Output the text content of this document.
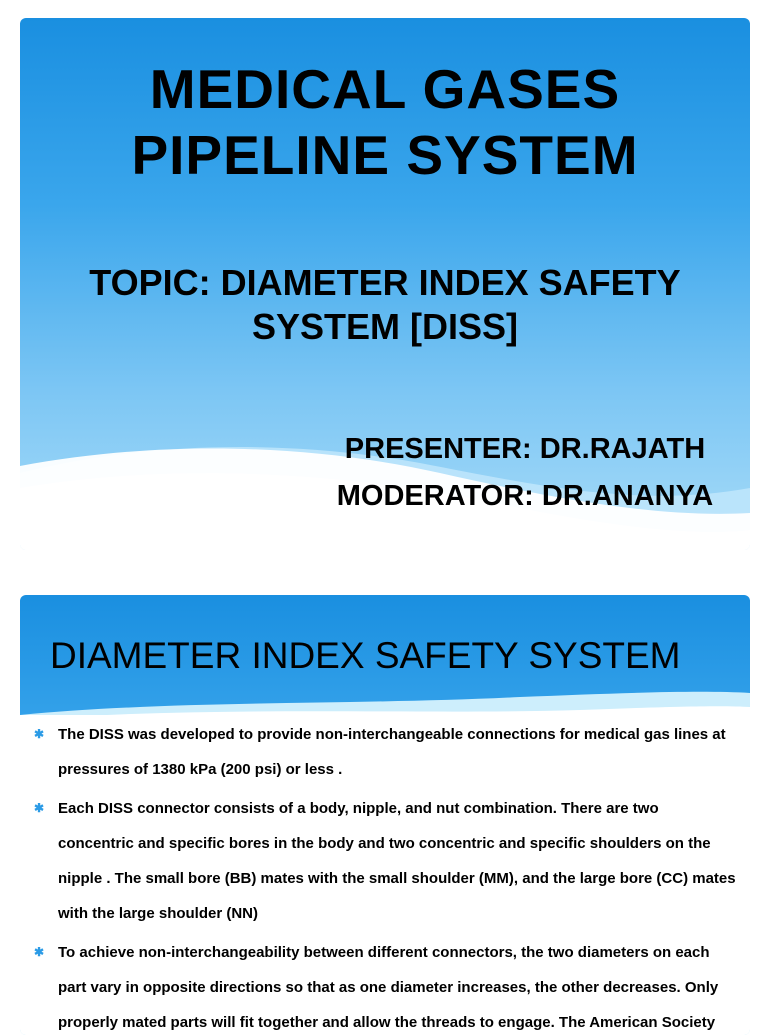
MEDICAL GASES
PIPELINE SYSTEM
TOPIC: DIAMETER INDEX SAFETY
SYSTEM [DISS]
PRESENTER: DR.RAJATH
MODERATOR: DR.ANANYA
DIAMETER INDEX SAFETY SYSTEM
✱ The DISS was developed to provide non-interchangeable connections for medical gas lines at pressures of 1380 kPa (200 psi) or less .
✱ Each DISS connector consists of a body, nipple, and nut combination. There are two concentric and specific bores in the body and two concentric and specific shoulders on the nipple . The small bore (BB) mates with the small shoulder (MM), and the large bore (CC) mates with the large shoulder (NN)
✱ To achieve non-interchangeability between different connectors, the two diameters on each part vary in opposite directions so that as one diameter increases, the other decreases. Only properly mated parts will fit together and allow the threads to engage. The American Society
